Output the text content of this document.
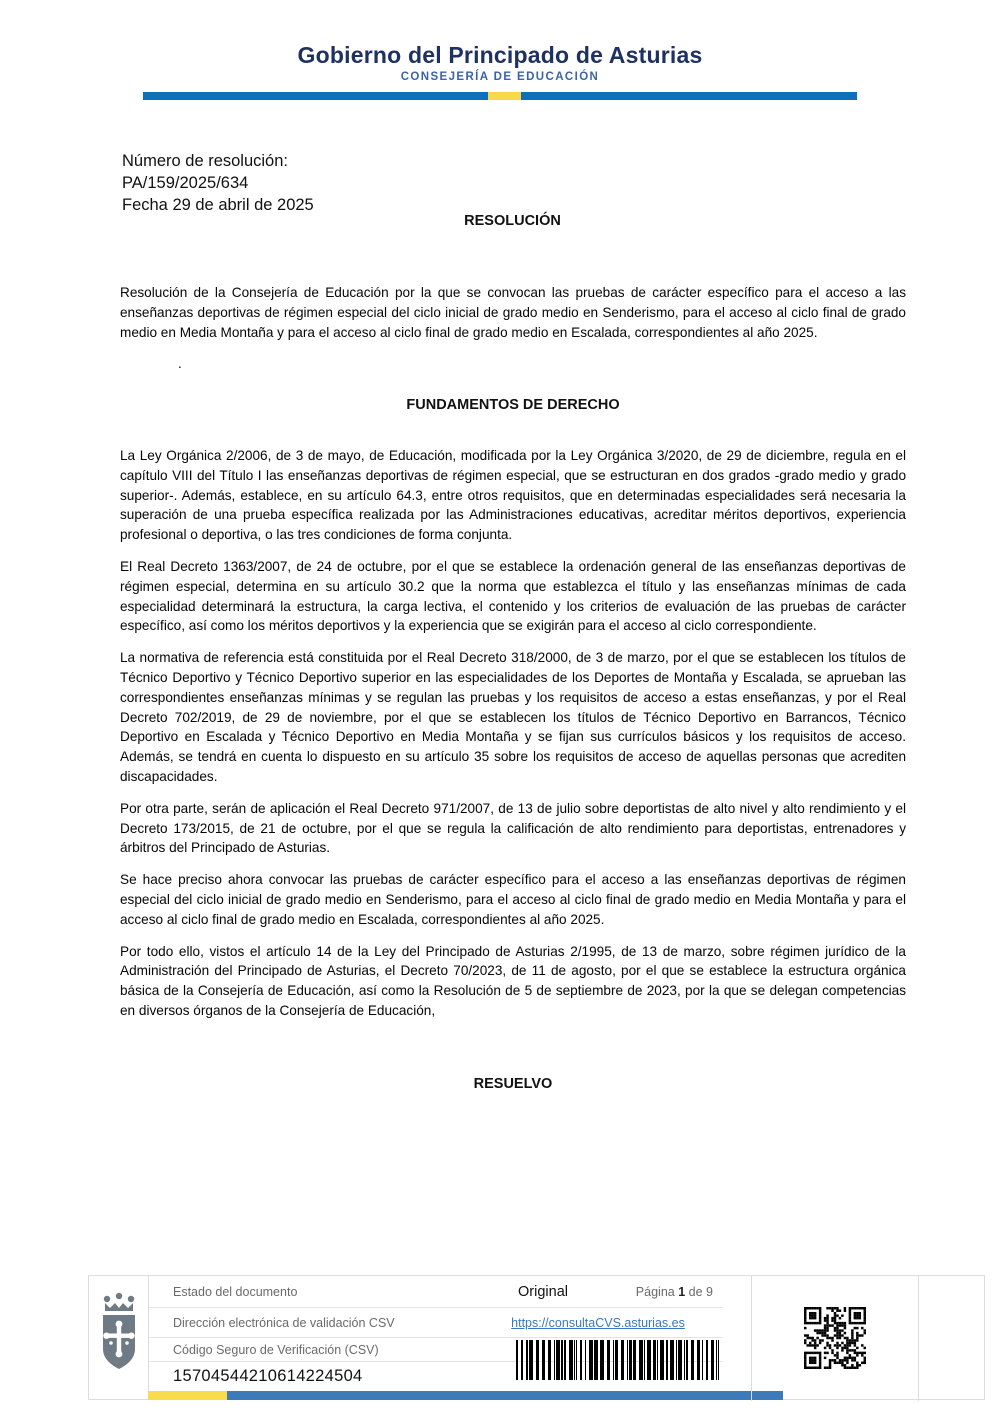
Gobierno del Principado de Asturias
CONSEJERÍA DE EDUCACIÓN
Número de resolución:
PA/159/2025/634
Fecha 29 de abril de 2025
RESOLUCIÓN

Resolución de la Consejería de Educación por la que se convocan las pruebas de carácter específico para el acceso a las enseñanzas deportivas de régimen especial del ciclo inicial de grado medio en Senderismo, para el acceso al ciclo final de grado medio en Media Montaña y para el acceso al ciclo final de grado medio en Escalada, correspondientes al año 2025.

.

FUNDAMENTOS DE DERECHO

La Ley Orgánica 2/2006, de 3 de mayo, de Educación, modificada por la Ley Orgánica 3/2020, de 29 de diciembre, regula en el capítulo VIII del Título I las enseñanzas deportivas de régimen especial, que se estructuran en dos grados -grado medio y grado superior-. Además, establece, en su artículo 64.3, entre otros requisitos, que en determinadas especialidades será necesaria la superación de una prueba específica realizada por las Administraciones educativas, acreditar méritos deportivos, experiencia profesional o deportiva, o las tres condiciones de forma conjunta.

El Real Decreto 1363/2007, de 24 de octubre, por el que se establece la ordenación general de las enseñanzas deportivas de régimen especial, determina en su artículo 30.2 que la norma que establezca el título y las enseñanzas mínimas de cada especialidad determinará la estructura, la carga lectiva, el contenido y los criterios de evaluación de las pruebas de carácter específico, así como los méritos deportivos y la experiencia que se exigirán para el acceso al ciclo correspondiente.

La normativa de referencia está constituida por el Real Decreto 318/2000, de 3 de marzo, por el que se establecen los títulos de Técnico Deportivo y Técnico Deportivo superior en las especialidades de los Deportes de Montaña y Escalada, se aprueban las correspondientes enseñanzas mínimas y se regulan las pruebas y los requisitos de acceso a estas enseñanzas, y por el Real Decreto 702/2019, de 29 de noviembre, por el que se establecen los títulos de Técnico Deportivo en Barrancos, Técnico Deportivo en Escalada y Técnico Deportivo en Media Montaña y se fijan sus currículos básicos y los requisitos de acceso. Además, se tendrá en cuenta lo dispuesto en su artículo 35 sobre los requisitos de acceso de aquellas personas que acrediten discapacidades.

Por otra parte, serán de aplicación el Real Decreto 971/2007, de 13 de julio sobre deportistas de alto nivel y alto rendimiento y el Decreto 173/2015, de 21 de octubre, por el que se regula la calificación de alto rendimiento para deportistas, entrenadores y árbitros del Principado de Asturias.

Se hace preciso ahora convocar las pruebas de carácter específico para el acceso a las enseñanzas deportivas de régimen especial del ciclo inicial de grado medio en Senderismo, para el acceso al ciclo final de grado medio en Media Montaña y para el acceso al ciclo final de grado medio en Escalada, correspondientes al año 2025.

Por todo ello, vistos el artículo 14 de la Ley del Principado de Asturias 2/1995, de 13 de marzo, sobre régimen jurídico de la Administración del Principado de Asturias, el Decreto 70/2023, de 11 de agosto, por el que se establece la estructura orgánica básica de la Consejería de Educación, así como la Resolución de 5 de septiembre de 2023, por la que se delegan competencias en diversos órganos de la Consejería de Educación,

RESUELVO
Estado del documento	Original	Página 1 de 9
Dirección electrónica de validación CSV	https://consultaCVS.asturias.es
Código Seguro de Verificación (CSV)
15704544210614224504
